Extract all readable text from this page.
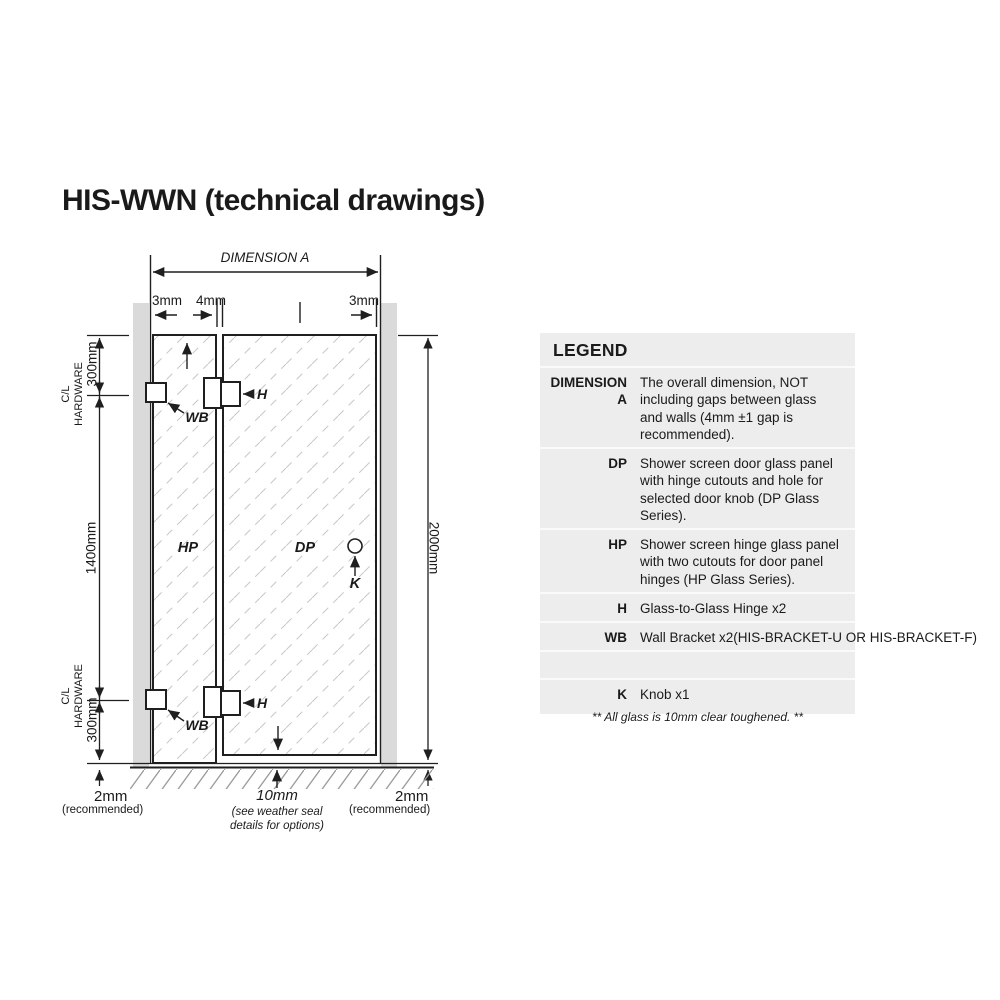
HIS-WWN (technical drawings)
DIMENSION A
3mm 4mm	3mm
300mm
C/L HARDWARE
1400mm
C/L HARDWARE 300mm
2000mm
HP	DP
K
H
H
WB
WB
2mm
(recommended)
10mm
(see weather seal details for options)
2mm
(recommended)
LEGEND
DIMENSION A
The overall dimension, NOT including gaps between glass and walls (4mm ±1 gap is recommended).
DP Shower screen door glass panel with hinge cutouts and hole for selected door knob (DP Glass Series).
HP Shower screen hinge glass panel with two cutouts for door panel hinges (HP Glass Series).
H Glass-to-Glass Hinge x2
WB Wall Bracket x2(HIS-BRACKET-U OR HIS-BRACKET-F)
K Knob x1
** All glass is 10mm clear toughened. **
